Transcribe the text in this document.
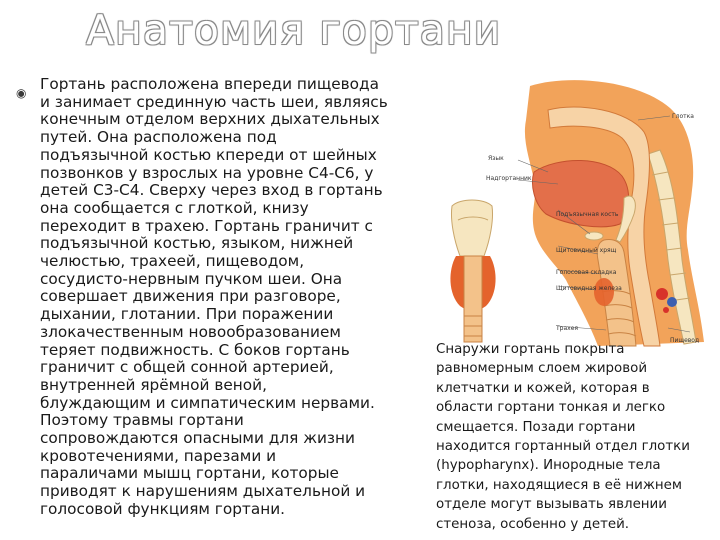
Анатомия гортани
◉ Гортань расположена впереди пищевода
и занимает срединную часть шеи, являясь
конечным отделом верхних дыхательных
путей. Она расположена под
подъязычной костью кпереди от шейных
позвонков у взрослых на уровне С4-С6, у
детей С3-С4. Сверху через вход в гортань
она сообщается с глоткой, книзу
переходит в трахею. Гортань граничит с
подъязычной костью, языком, нижней
челюстью, трахеей, пищеводом,
сосудисто-нервным пучком шеи. Она
совершает движения при разговоре,
дыхании, глотании. При поражении
злокачественным новообразованием
теряет подвижность. С боков гортань
граничит с общей сонной артерией,
внутренней ярёмной веной,
блуждающим и симпатическим нервами.
Поэтому травмы гортани
сопровождаются опасными для жизни
кровотечениями, парезами и
параличами мышц гортани, которые
приводят к нарушениям дыхательной и
голосовой функциям гортани.
Глотка
Язык
Надгортанник
Подъязычная кость
Щитовидный хрящ
Голосовая складка
Щитовидная железа
Трахея
Пищевод
Снаружи гортань покрыта
равномерным слоем жировой
клетчатки и кожей, которая в
области гортани тонкая и легко
смещается. Позади гортани
находится гортанный отдел глотки
(hypopharynx). Инородные тела
глотки, находящиеся в её нижнем
отделе могут вызывать явлении
стеноза, особенно у детей.
